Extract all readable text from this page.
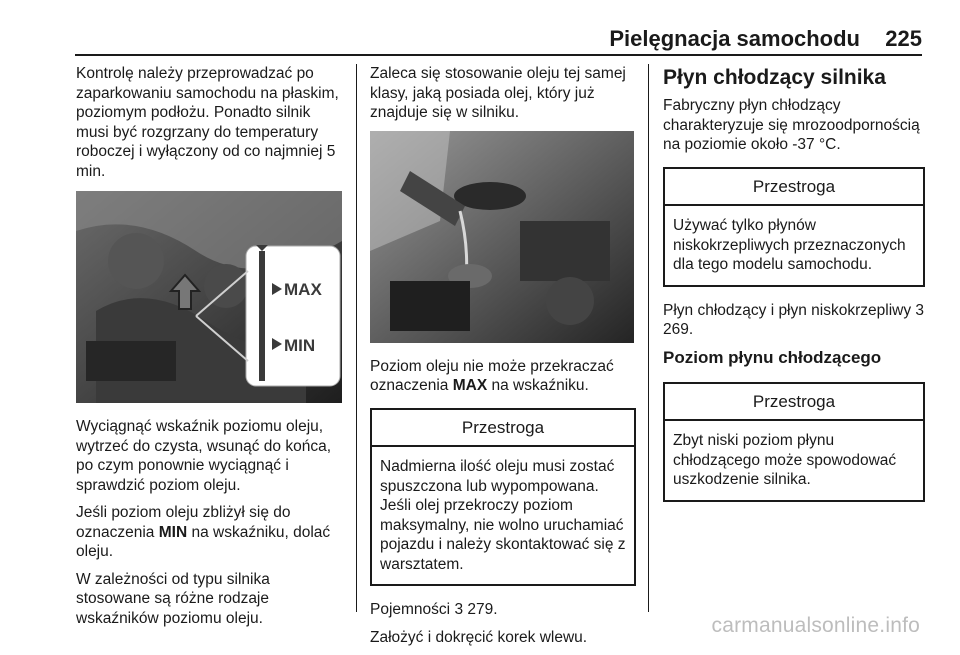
Pielęgnacja samochodu 225

Kontrolę należy przeprowadzać po zaparkowaniu samochodu na płaskim, poziomym podłożu. Ponadto silnik musi być rozgrzany do temperatury roboczej i wyłączony od co najmniej 5 min.

MAX
MIN

Wyciągnąć wskaźnik poziomu oleju, wytrzeć do czysta, wsunąć do końca, po czym ponownie wyciągnąć i sprawdzić poziom oleju.

Jeśli poziom oleju zbliżył się do oznaczenia MIN na wskaźniku, dolać oleju.

W zależności od typu silnika stosowane są różne rodzaje wskaźników poziomu oleju.

Zaleca się stosowanie oleju tej samej klasy, jaką posiada olej, który już znajduje się w silniku.

Poziom oleju nie może przekraczać oznaczenia MAX na wskaźniku.

Przestroga
Nadmierna ilość oleju musi zostać spuszczona lub wypompowana. Jeśli olej przekroczy poziom maksymalny, nie wolno uruchamiać pojazdu i należy skontaktować się z warsztatem.

Pojemności 3 279.

Założyć i dokręcić korek wlewu.

Płyn chłodzący silnika

Fabryczny płyn chłodzący charakteryzuje się mrozoodpornością na poziomie około -37 °C.

Przestroga
Używać tylko płynów niskokrzepliwych przeznaczonych dla tego modelu samochodu.

Płyn chłodzący i płyn niskokrzepliwy 3 269.

Poziom płynu chłodzącego
Przestroga
Zbyt niski poziom płynu chłodzącego może spowodować uszkodzenie silnika.
carmanualsonline.info
